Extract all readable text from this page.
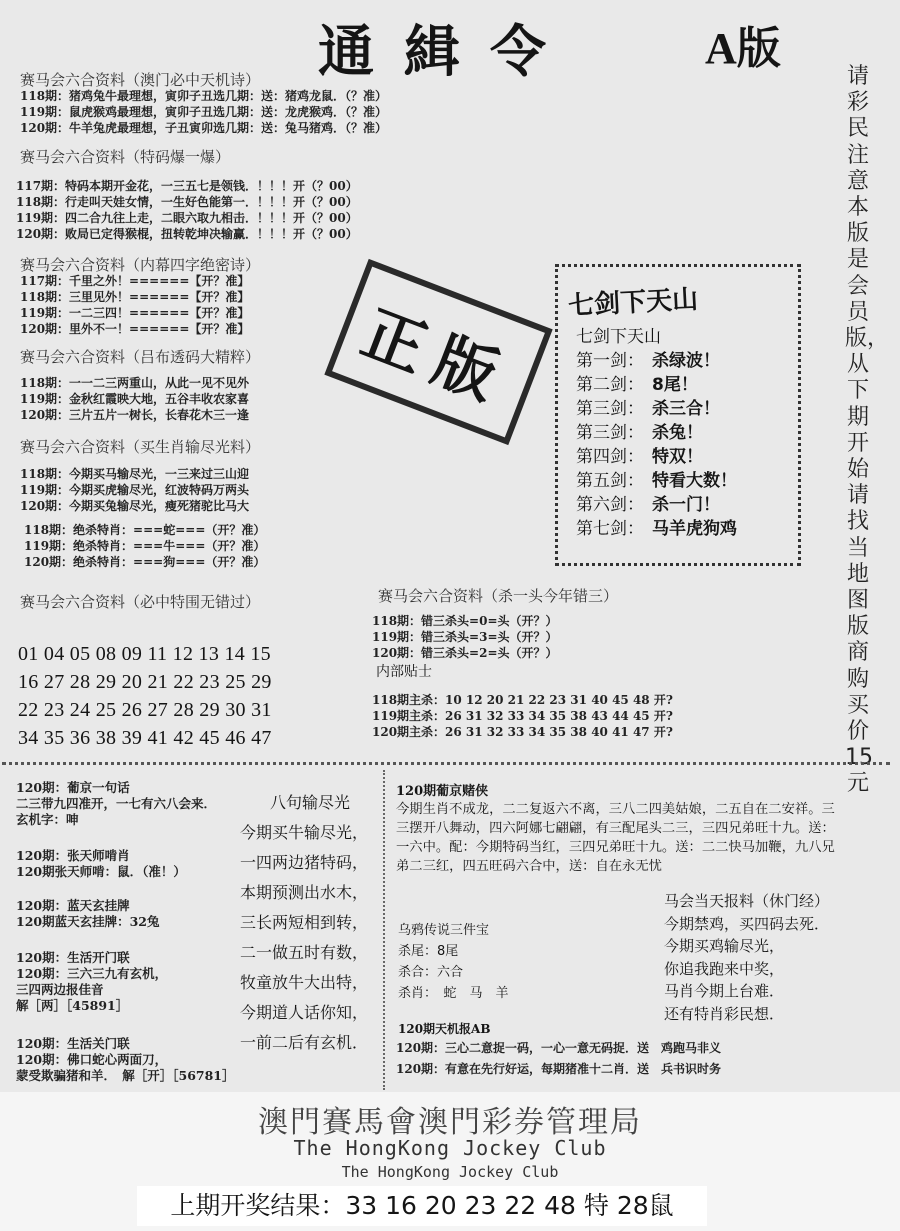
通緝令	A版
请彩民注意本版是会员版，从下期开始请找当地图版商购买价15元
赛马会六合资料（澳门必中天机诗）
118期：猪鸡兔牛最理想，寅卯子丑选几期：送：猪鸡龙鼠．（？准）
119期：鼠虎猴鸡最理想，寅卯子丑选几期：送：龙虎猴鸡．（？准）
120期：牛羊兔虎最理想，子丑寅卯选几期：送：兔马猪鸡．（？准）
赛马会六合资料（特码爆一爆）
117期：特码本期开金花，一三五七是领钱．！！！开（？00）
118期：行走叫天娃女情，一生好色能第一．！！！开（？00）
119期：四二合九往上走，二眼六取九相击．！！！开（？00）
120期：败局已定得猴棍，扭转乾坤决输赢．！！！开（？00）
赛马会六合资料（内幕四字绝密诗）
117期：千里之外！======【开？准】
118期：三里见外！======【开？准】
119期：一二三四！======【开？准】
120期：里外不一！======【开？准】
赛马会六合资料（吕布透码大精粹）
118期：一一二三两重山，从此一见不见外
119期：金秋红霞映大地，五谷丰收农家喜
120期：三片五片一树长，长春花木三一逢
赛马会六合资料（买生肖输尽光料）
118期：今期买马输尽光，一三来过三山迎
119期：今期买虎输尽光，红波特码万两头
120期：今期买兔输尽光，瘦死猪驼比马大
118期：绝杀特肖：===蛇===（开？准）
119期：绝杀特肖：===牛===（开？准）
120期：绝杀特肖：===狗===（开？准）
赛马会六合资料（必中特围无错过）
01 04 05 08 09 11 12 13 14 15
16 27 28 29 20 21 22 23 25 29
22 23 24 25 26 27 28 29 30 31
34 35 36 38 39 41 42 45 46 47
正版	七剑下天山
七剑下天山
第一剑： 杀绿波！
第二剑： 8尾！
第三剑： 杀三合！
第三剑： 杀兔！
第四剑： 特双！
第五剑： 特看大数！
第六剑： 杀一门！
第七剑： 马羊虎狗鸡
赛马会六合资料（杀一头今年错三）
118期：错三杀头=0=头（开？）
119期：错三杀头=3=头（开？）
120期：错三杀头=2=头（开？）
内部贴士
118期主杀：10 12 20 21 22 23 31 40 45 48 开?
119期主杀：26 31 32 33 34 35 38 43 44 45 开?
120期主杀：26 31 32 33 34 35 38 40 41 47 开?
120期：葡京一句话
二三带九四准开，一七有六八会来．
玄机字：呻
120期：张天师啃肖
120期张天师啃：鼠．（准！）
120期：蓝天玄挂牌
120期蓝天玄挂牌：32兔
120期：生活开门联
120期：三六三九有玄机，
三四两边报佳音
解［两］［45891］
120期：生活关门联
120期：佛口蛇心两面刀，
蒙受欺骗猪和羊．　解［开］［56781］
八句输尽光
今期买牛输尽光，
一四两边猪特码，
本期预测出水木，
三长两短相到转，
二一做五时有数，
牧童放牛大出特，
今期道人话你知，
一前二后有玄机．
120期葡京赌侠
今期生肖不成龙，二二复返六不离，三八二四美姑娘，二五自在二安祥。三三摆开八舞动，四六阿娜七翩翩，有三配尾头二三，三四兄弟旺十九。送：一六中。配：今期特码当红，三四兄弟旺十九。送：二二快马加鞭，九八兄弟二三红，四五旺码六合中，送：自在永无忧
乌鸦传说三件宝
杀尾：8尾
杀合：六合
杀肖：　蛇　马　羊
马会当天报料（休门经）
今期禁鸡，买四码去死．
今期买鸡输尽光，
你追我跑来中奖，
马肖今期上台难．
还有特肖彩民想．
120期天机报AB
120期：三心二意捉一码，一心一意无码捉．送　鸡跑马非义
120期：有意在先行好运，每期猪准十二肖．送　兵书识时务
澳門賽馬會澳門彩券管理局
The HongKong Jockey Club
The HongKong Jockey Club
上期开奖结果：33 16 20 23 22 48 特 28鼠
